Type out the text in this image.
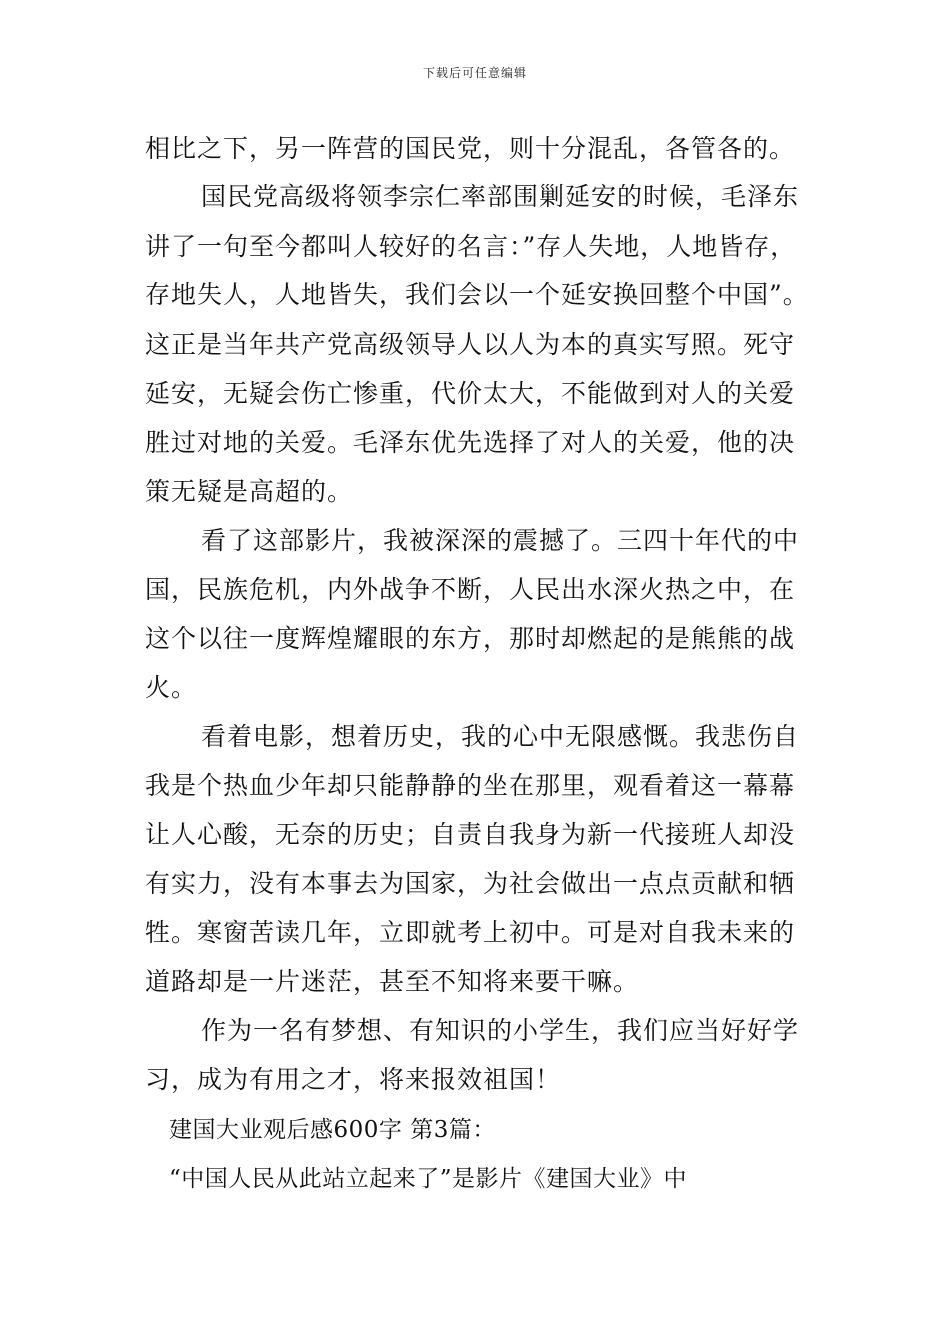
下载后可任意编辑

相比之下，另一阵营的国民党，则十分混乱，各管各的。

国民党高级将领李宗仁率部围剿延安的时候，毛泽东

讲了一句至今都叫人较好的名言：”存人失地，人地皆存，

存地失人，人地皆失，我们会以一个延安换回整个中国”。

这正是当年共产党高级领导人以人为本的真实写照。死守

延安，无疑会伤亡惨重，代价太大，不能做到对人的关爱

胜过对地的关爱。毛泽东优先选择了对人的关爱，他的决

策无疑是高超的。

看了这部影片，我被深深的震撼了。三四十年代的中

国，民族危机，内外战争不断，人民出水深火热之中，在

这个以往一度辉煌耀眼的东方，那时却燃起的是熊熊的战

火。

看着电影，想着历史，我的心中无限感慨。我悲伤自

我是个热血少年却只能静静的坐在那里，观看着这一幕幕

让人心酸，无奈的历史；自责自我身为新一代接班人却没

有实力，没有本事去为国家，为社会做出一点点贡献和牺

牲。寒窗苦读几年，立即就考上初中。可是对自我未来的

道路却是一片迷茫，甚至不知将来要干嘛。

作为一名有梦想、有知识的小学生，我们应当好好学

习，成为有用之才，将来报效祖国！

建国大业观后感600字 第3篇：

“中国人民从此站立起来了”是影片《建国大业》中
